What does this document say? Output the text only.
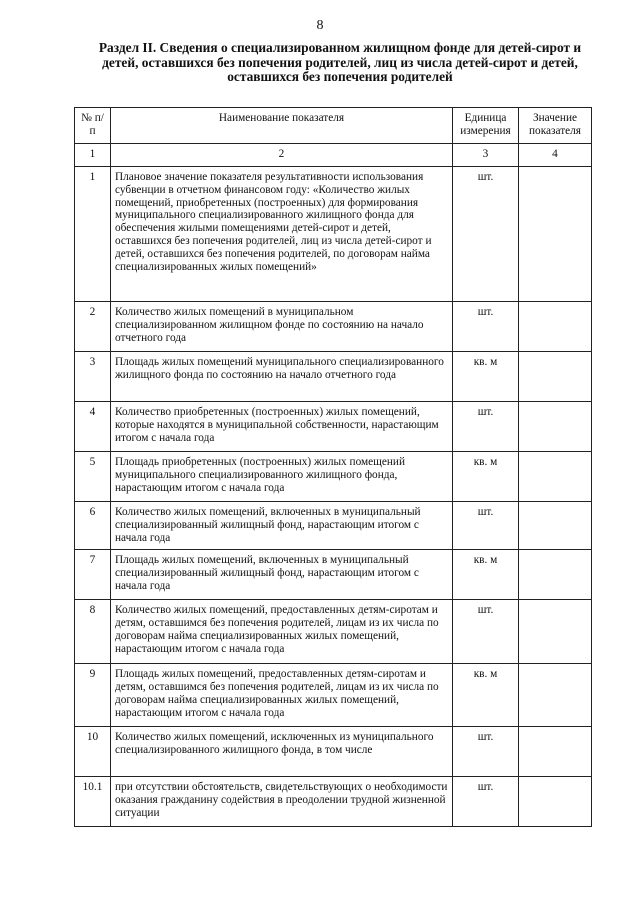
8
Раздел II. Сведения о специализированном жилищном фонде для детей-сирот и детей, оставшихся без попечения родителей, лиц из числа детей-сирот и детей, оставшихся без попечения родителей
№ п/п	Наименование показателя	Единица измерения	Значение показателя
1	2	3	4
1	Плановое значение показателя результативности использования субвенции в отчетном финансовом году: «Количество жилых помещений, приобретенных (построенных) для формирования муниципального специализированного жилищного фонда для обеспечения жилыми помещениями детей-сирот и детей, оставшихся без попечения родителей, лиц из числа детей-сирот и детей, оставшихся без попечения родителей, по договорам найма специализированных жилых помещений»	шт.	
2	Количество жилых помещений в муниципальном специализированном жилищном фонде по состоянию на начало отчетного года	шт.	
3	Площадь жилых помещений муниципального специализированного жилищного фонда по состоянию на начало отчетного года	кв. м	
4	Количество приобретенных (построенных) жилых помещений, которые находятся в муниципальной собственности, нарастающим итогом с начала года	шт.	
5	Площадь приобретенных (построенных) жилых помещений муниципального специализированного жилищного фонда, нарастающим итогом с начала года	кв. м	
6	Количество жилых помещений, включенных в муниципальный специализированный жилищный фонд, нарастающим итогом с начала года	шт.	
7	Площадь жилых помещений, включенных в муниципальный специализированный жилищный фонд, нарастающим итогом с начала года	кв. м	
8	Количество жилых помещений, предоставленных детям-сиротам и детям, оставшимся без попечения родителей, лицам из их числа по договорам найма специализированных жилых помещений, нарастающим итогом с начала года	шт.	
9	Площадь жилых помещений, предоставленных детям-сиротам и детям, оставшимся без попечения родителей, лицам из их числа по договорам найма специализированных жилых помещений, нарастающим итогом с начала года	кв. м	
10	Количество жилых помещений, исключенных из муниципального специализированного жилищного фонда, в том числе	шт.	
10.1	при отсутствии обстоятельств, свидетельствующих о необходимости оказания гражданину содействия в преодолении трудной жизненной ситуации	шт.	
